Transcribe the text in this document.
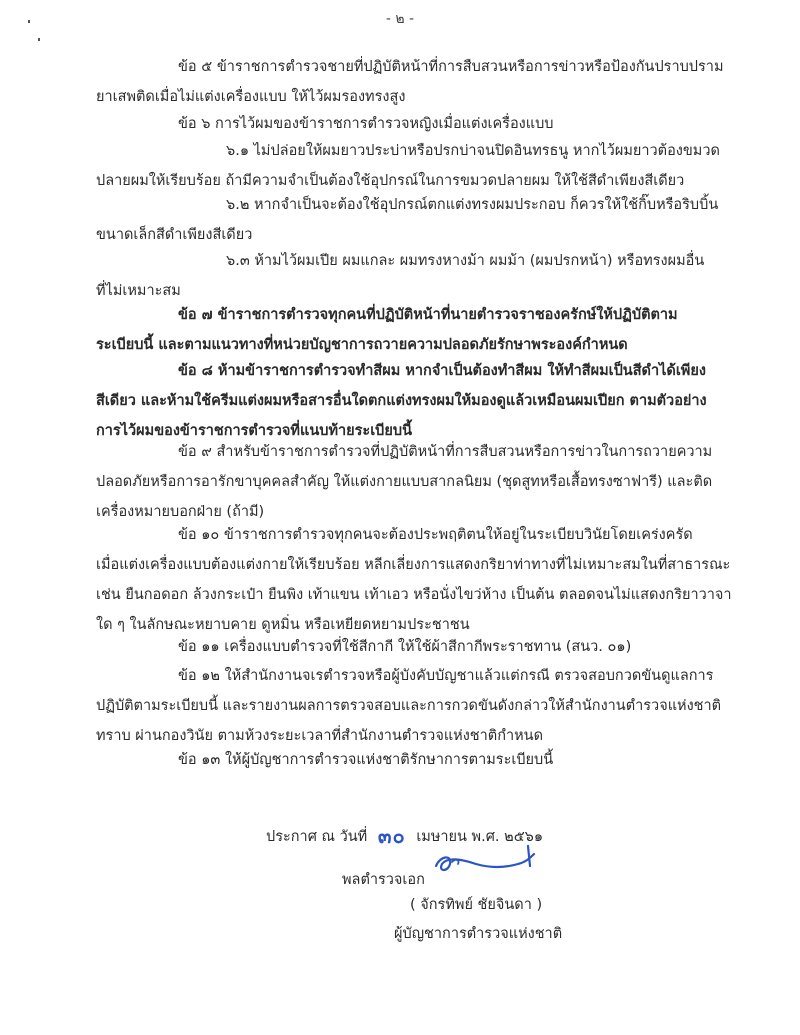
- ๒ -
ข้อ ๕ ข้าราชการตำรวจชายที่ปฏิบัติหน้าที่การสืบสวนหรือการข่าวหรือป้องกันปราบปราม
ยาเสพติดเมื่อไม่แต่งเครื่องแบบ ให้ไว้ผมรองทรงสูง
ข้อ ๖ การไว้ผมของข้าราชการตำรวจหญิงเมื่อแต่งเครื่องแบบ
๖.๑ ไม่ปล่อยให้ผมยาวประบ่าหรือปรกบ่าจนปิดอินทรธนู หากไว้ผมยาวต้องขมวด
ปลายผมให้เรียบร้อย ถ้ามีความจำเป็นต้องใช้อุปกรณ์ในการขมวดปลายผม ให้ใช้สีดำเพียงสีเดียว
๖.๒ หากจำเป็นจะต้องใช้อุปกรณ์ตกแต่งทรงผมประกอบ ก็ควรให้ใช้กิ๊บหรือริบบิ้น
ขนาดเล็กสีดำเพียงสีเดียว
๖.๓ ห้ามไว้ผมเปีย ผมแกละ ผมทรงหางม้า ผมม้า (ผมปรกหน้า) หรือทรงผมอื่น
ที่ไม่เหมาะสม
ข้อ ๗ ข้าราชการตำรวจทุกคนที่ปฏิบัติหน้าที่นายตำรวจราชองครักษ์ให้ปฏิบัติตาม
ระเบียบนี้ และตามแนวทางที่หน่วยบัญชาการถวายความปลอดภัยรักษาพระองค์กำหนด
ข้อ ๘ ห้ามข้าราชการตำรวจทำสีผม หากจำเป็นต้องทำสีผม ให้ทำสีผมเป็นสีดำได้เพียง
สีเดียว และห้ามใช้ครีมแต่งผมหรือสารอื่นใดตกแต่งทรงผมให้มองดูแล้วเหมือนผมเปียก ตามตัวอย่าง
การไว้ผมของข้าราชการตำรวจที่แนบท้ายระเบียบนี้
ข้อ ๙ สำหรับข้าราชการตำรวจที่ปฏิบัติหน้าที่การสืบสวนหรือการข่าวในการถวายความ
ปลอดภัยหรือการอารักขาบุคคลสำคัญ ให้แต่งกายแบบสากลนิยม (ชุดสูทหรือเสื้อทรงซาฟารี) และติด
เครื่องหมายบอกฝ่าย (ถ้ามี)
ข้อ ๑๐ ข้าราชการตำรวจทุกคนจะต้องประพฤติตนให้อยู่ในระเบียบวินัยโดยเคร่งครัด
เมื่อแต่งเครื่องแบบต้องแต่งกายให้เรียบร้อย หลีกเลี่ยงการแสดงกริยาท่าทางที่ไม่เหมาะสมในที่สาธารณะ
เช่น ยืนกอดอก ล้วงกระเป๋า ยืนพิง เท้าแขน เท้าเอว หรือนั่งไขว่ห้าง เป็นต้น ตลอดจนไม่แสดงกริยาวาจา
ใด ๆ ในลักษณะหยาบคาย ดูหมิ่น หรือเหยียดหยามประชาชน
ข้อ ๑๑ เครื่องแบบตำรวจที่ใช้สีกากี ให้ใช้ผ้าสีกากีพระราชทาน (สนว. ๐๑)
ข้อ ๑๒ ให้สำนักงานจเรตำรวจหรือผู้บังคับบัญชาแล้วแต่กรณี ตรวจสอบกวดขันดูแลการ
ปฏิบัติตามระเบียบนี้ และรายงานผลการตรวจสอบและการกวดขันดังกล่าวให้สำนักงานตำรวจแห่งชาติ
ทราบ ผ่านกองวินัย ตามห้วงระยะเวลาที่สำนักงานตำรวจแห่งชาติกำหนด
ข้อ ๑๓ ให้ผู้บัญชาการตำรวจแห่งชาติรักษาการตามระเบียบนี้
ประกาศ ณ วันที่ ๓๐ เมษายน พ.ศ. ๒๕๖๑
พลตำรวจเอก
( จักรทิพย์ ชัยจินดา )
ผู้บัญชาการตำรวจแห่งชาติ
